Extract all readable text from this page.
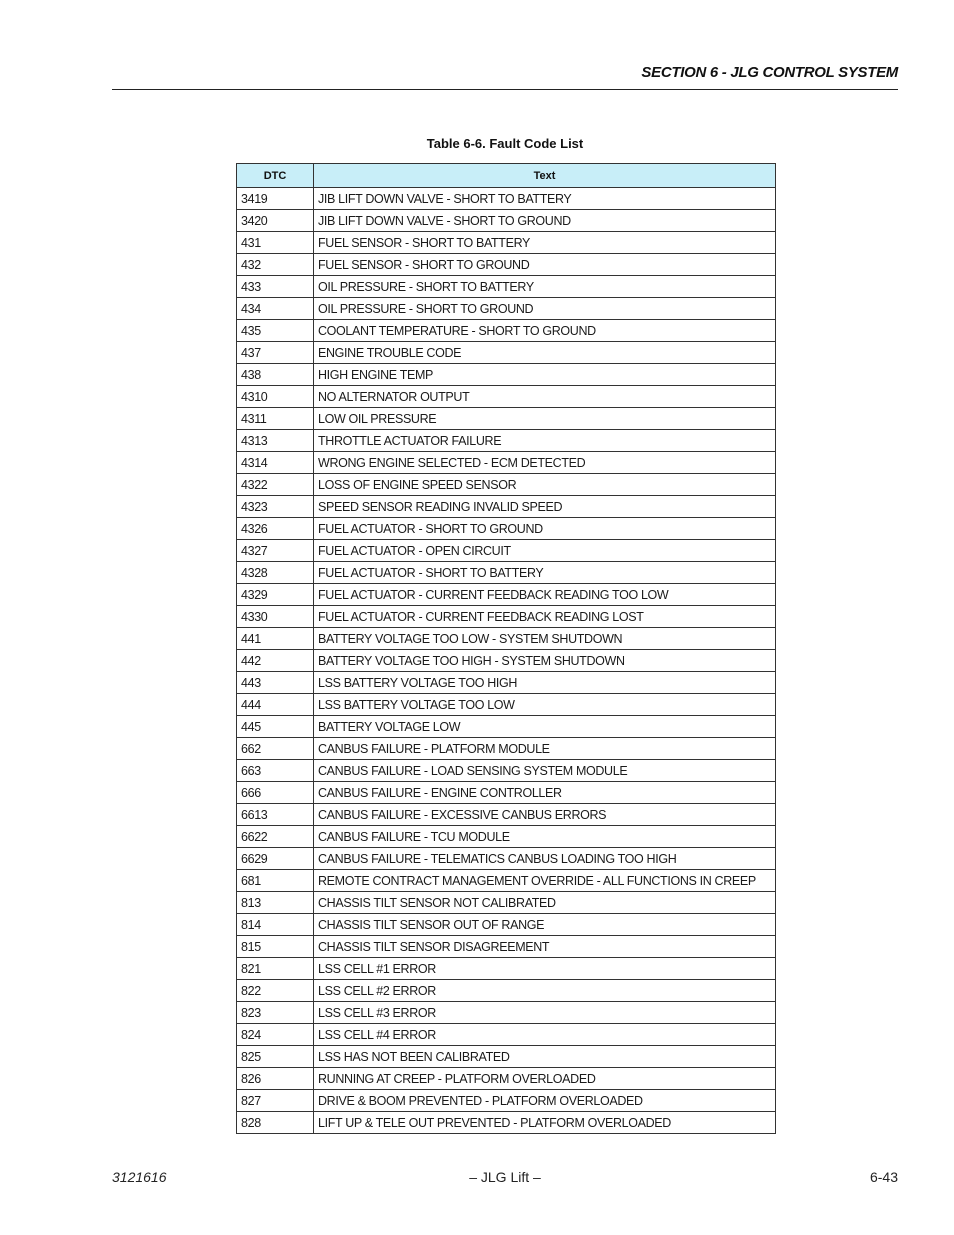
SECTION 6 - JLG CONTROL SYSTEM
Table 6-6. Fault Code List
DTC	Text
3419	JIB LIFT DOWN VALVE - SHORT TO BATTERY
3420	JIB LIFT DOWN VALVE - SHORT TO GROUND
431	FUEL SENSOR - SHORT TO BATTERY
432	FUEL SENSOR - SHORT TO GROUND
433	OIL PRESSURE - SHORT TO BATTERY
434	OIL PRESSURE - SHORT TO GROUND
435	COOLANT TEMPERATURE - SHORT TO GROUND
437	ENGINE TROUBLE CODE
438	HIGH ENGINE TEMP
4310	NO ALTERNATOR OUTPUT
4311	LOW OIL PRESSURE
4313	THROTTLE ACTUATOR FAILURE
4314	WRONG ENGINE SELECTED - ECM DETECTED
4322	LOSS OF ENGINE SPEED SENSOR
4323	SPEED SENSOR READING INVALID SPEED
4326	FUEL ACTUATOR - SHORT TO GROUND
4327	FUEL ACTUATOR - OPEN CIRCUIT
4328	FUEL ACTUATOR - SHORT TO BATTERY
4329	FUEL ACTUATOR - CURRENT FEEDBACK READING TOO LOW
4330	FUEL ACTUATOR - CURRENT FEEDBACK READING LOST
441	BATTERY VOLTAGE TOO LOW - SYSTEM SHUTDOWN
442	BATTERY VOLTAGE TOO HIGH - SYSTEM SHUTDOWN
443	LSS BATTERY VOLTAGE TOO HIGH
444	LSS BATTERY VOLTAGE TOO LOW
445	BATTERY VOLTAGE LOW
662	CANBUS FAILURE - PLATFORM MODULE
663	CANBUS FAILURE - LOAD SENSING SYSTEM MODULE
666	CANBUS FAILURE - ENGINE CONTROLLER
6613	CANBUS FAILURE - EXCESSIVE CANBUS ERRORS
6622	CANBUS FAILURE - TCU MODULE
6629	CANBUS FAILURE - TELEMATICS CANBUS LOADING TOO HIGH
681	REMOTE CONTRACT MANAGEMENT OVERRIDE - ALL FUNCTIONS IN CREEP
813	CHASSIS TILT SENSOR NOT CALIBRATED
814	CHASSIS TILT SENSOR OUT OF RANGE
815	CHASSIS TILT SENSOR DISAGREEMENT
821	LSS CELL #1 ERROR
822	LSS CELL #2 ERROR
823	LSS CELL #3 ERROR
824	LSS CELL #4 ERROR
825	LSS HAS NOT BEEN CALIBRATED
826	RUNNING AT CREEP - PLATFORM OVERLOADED
827	DRIVE & BOOM PREVENTED - PLATFORM OVERLOADED
828	LIFT UP & TELE OUT PREVENTED - PLATFORM OVERLOADED
3121616	– JLG Lift –	6-43
